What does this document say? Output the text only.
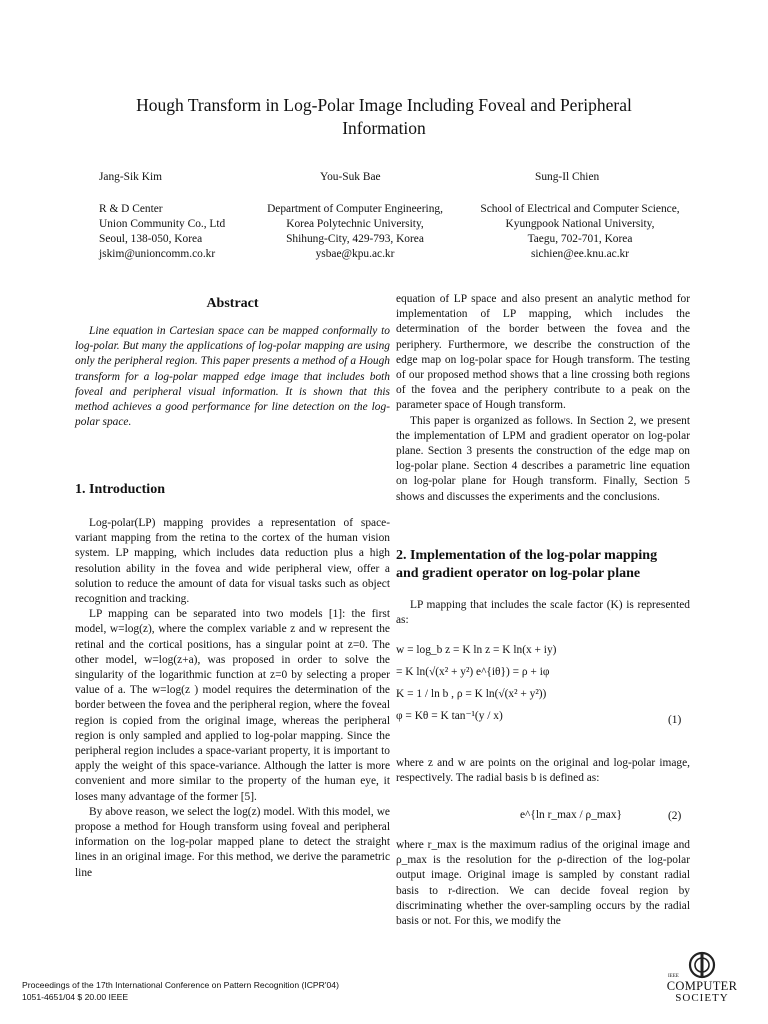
Hough Transform in Log-Polar Image Including Foveal and Peripheral
Information
Jang-Sik Kim	You-Suk Bae	Sung-Il Chien
R & D Center
Union Community Co., Ltd
Seoul, 138-050, Korea
jskim@unioncomm.co.kr
Department of Computer Engineering,
Korea Polytechnic University,
Shihung-City, 429-793, Korea
ysbae@kpu.ac.kr
School of Electrical and Computer Science,
Kyungpook National University,
Taegu, 702-701, Korea
sichien@ee.knu.ac.kr
Abstract

Line equation in Cartesian space can be mapped conformally to log-polar. But many the applications of log-polar mapping are using only the peripheral region. This paper presents a method of a Hough transform for a log-polar mapped edge image that includes both foveal and peripheral visual information. It is shown that this method achieves a good performance for line detection on the log-polar space.

1. Introduction

Log-polar(LP) mapping provides a representation of space-variant mapping from the retina to the cortex of the human vision system. LP mapping, which includes data reduction plus a high resolution ability in the fovea and wide peripheral view, offer a solution to reduce the amount of data for visual tasks such as object recognition and tracking.

LP mapping can be separated into two models [1]: the first model, w=log(z), where the complex variable z and w represent the retinal and the cortical positions, has a singular point at z=0. The other model, w=log(z+a), was proposed in order to solve the singularity of the logarithmic function at z=0 by selecting a proper value of a. The w=log(z ) model requires the determination of the border between the fovea and the peripheral region, where the foveal region is copied from the original image, whereas the peripheral region is only sampled and applied to log-polar mapping. Since the peripheral region includes a space-variant property, it is important to apply the weight of this space-variance. Although the latter is more convenient and more similar to the property of the human eye, it loses many advantage of the former [5].

By above reason, we select the log(z) model. With this model, we propose a method for Hough transform using foveal and peripheral information on the log-polar mapped plane to detect the straight lines in an original image. For this method, we derive the parametric line

equation of LP space and also present an analytic method for implementation of LP mapping, which includes the determination of the border between the fovea and the periphery. Furthermore, we describe the construction of the edge map on log-polar space for Hough transform. The testing of our proposed method shows that a line crossing both regions of the fovea and the periphery contribute to a peak on the parameter space of Hough transform.

This paper is organized as follows. In Section 2, we present the implementation of LPM and gradient operator on log-polar plane. Section 3 presents the construction of the edge map on log-polar plane. Section 4 describes a parametric line equation on log-polar plane for Hough transform. Finally, Section 5 shows and discusses the experiments and the conclusions.

2. Implementation of the log-polar mapping
and gradient operator on log-polar plane

LP mapping that includes the scale factor (K) is represented as:

w = log_b z = K ln z = K ln(x + iy)
= K ln(√(x² + y²) e^{iθ}) = ρ + iφ
K = 1 / ln b , ρ = K ln(√(x² + y²))
φ = Kθ = K tan⁻¹(y / x)	(1)

where z and w are points on the original and log-polar image, respectively. The radial basis b is defined as:

e^{ln r_max / ρ_max}	(2)

where r_max is the maximum radius of the original image and ρ_max is the resolution for the ρ-direction of the log-polar output image. Original image is sampled by constant radial basis to r-direction. We can decide foveal region by discriminating whether the over-sampling occurs by the radial basis or not. For this, we modify the

Proceedings of the 17th International Conference on Pattern Recognition (ICPR'04)
1051-4651/04 $ 20.00 IEEE
IEEE
COMPUTER
SOCIETY
